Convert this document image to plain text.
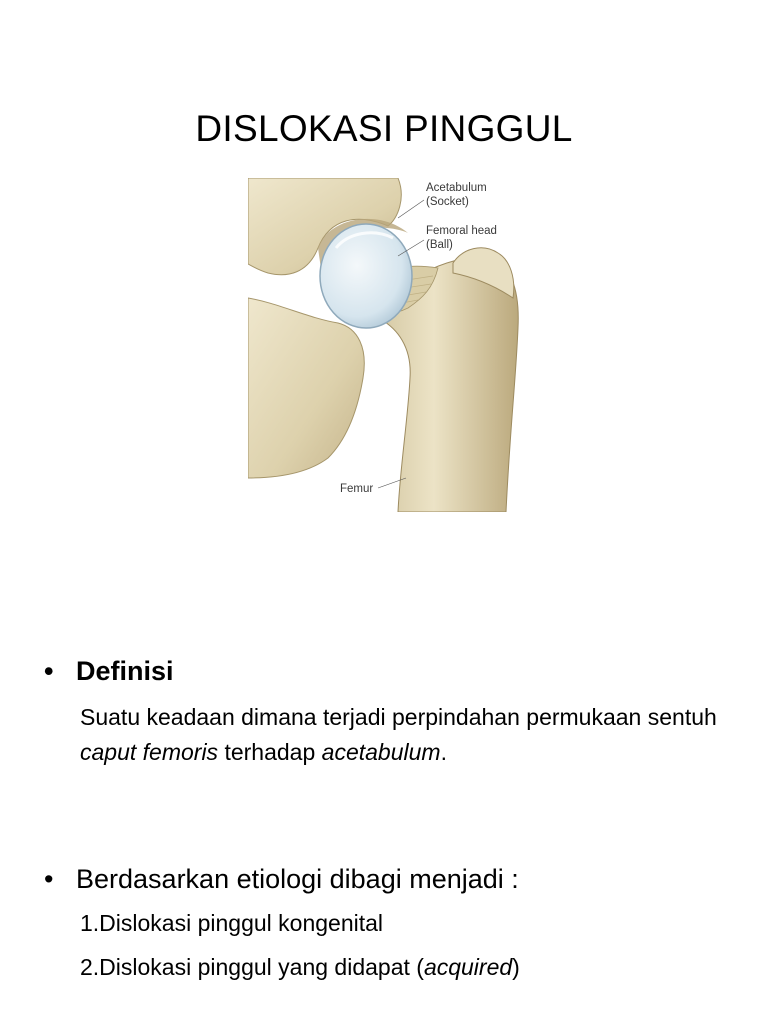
DISLOKASI PINGGUL
Acetabulum
(Socket)
Femoral head
(Ball)
Femur
• Definisi
Suatu keadaan dimana terjadi perpindahan permukaan sentuh caput femoris terhadap acetabulum.
• Berdasarkan etiologi dibagi menjadi :
1.Dislokasi pinggul kongenital
2.Dislokasi pinggul yang didapat (acquired)
